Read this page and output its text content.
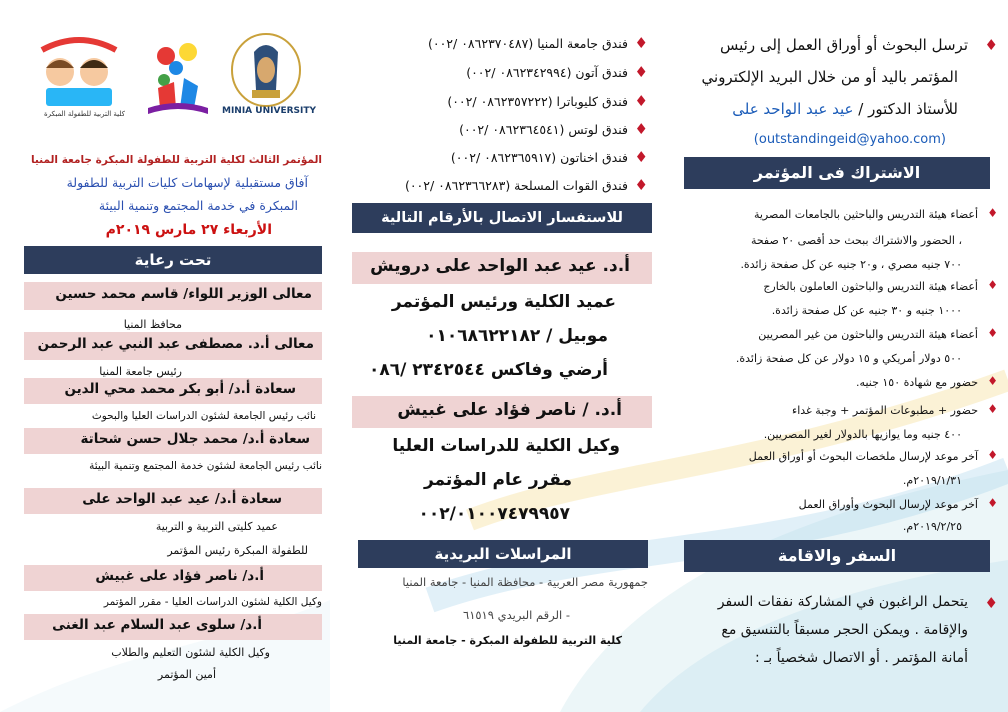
MINIA UNIVERSITY
كلية التربية للطفولة المبكرة
المؤتمر الثالث لكلية التربية للطفولة المبكرة جامعة المنيا
آفاق مستقبلية لإسهامات كليات التربية للطفولة
المبكرة في خدمة المجتمع وتنمية البيئة
الأربعاء ٢٧ مارس ٢٠١٩م
تحت رعاية
معالى الوزير اللواء/ قاسم محمد حسين
محافظ المنيا
معالى أ.د. مصطفى عبد النبي عبد الرحمن
رئيس جامعة المنيا
سعادة أ.د/ أبو بكر محمد محي الدين
نائب رئيس الجامعة لشئون الدراسات العليا والبحوث
سعادة أ.د/ محمد جلال حسن شحاتة
نائب رئيس الجامعة لشئون خدمة المجتمع وتنمية البيئة
سعادة أ.د/ عيد عبد الواحد على
عميد كليتى التربية و التربية
للطفولة المبكرة رئيس المؤتمر
أ.د/ ناصر فؤاد على غبيش
وكيل الكلية لشئون الدراسات العليا - مقرر المؤتمر
أ.د/ سلوى عبد السلام عبد الغنى
وكيل الكلية لشئون التعليم والطلاب
أمين المؤتمر
♦
فندق جامعة المنيا (٠٨٦٢٣٧٠٤٨٧ /٠٠٢)
♦
فندق آتون (٠٨٦٢٣٤٢٩٩٤ /٠٠٢)
♦
فندق كليوباترا (٠٨٦٢٣٥٧٢٢٢ /٠٠٢)
♦
فندق لوتس (٠٨٦٢٣٦٤٥٤١ /٠٠٢)
♦
فندق اخناتون (٠٨٦٢٣٦٥٩١٧ /٠٠٢)
♦
فندق القوات المسلحة (٠٨٦٢٣٦٦٢٨٣ /٠٠٢)
للاستفسار الاتصال بالأرقام التالية
أ.د. عيد عبد الواحد على درويش
عميد الكلية ورئيس المؤتمر
موبيل / ٠١٠٦٨٦٢٢١٨٢
أرضي وفاكس ٢٣٤٢٥٤٤ /٠٨٦
أ.د. / ناصر فؤاد على غبيش
وكيل الكلية للدراسات العليا
مقرر عام المؤتمر
٠٠٢/٠١٠٠٧٤٧٩٩٥٧
المراسلات البريدية
جمهورية مصر العربية - محافظة المنيا - جامعة المنيا
- الرقم البريدي ٦١٥١٩
كلية التربية للطفولة المبكرة - جامعة المنيا
♦
ترسل البحوث أو أوراق العمل إلى رئيس
المؤتمر باليد أو من خلال البريد الإلكتروني
للأستاذ الدكتور / عيد عبد الواحد على
(outstandingeid@yahoo.com)
الاشتراك فى المؤتمر
♦
أعضاء هيئة التدريس والباحثين بالجامعات المصرية
، الحضور والاشتراك ببحث حد أقصى ٢٠ صفحة
٧٠٠ جنيه مصري ، و٢٠ جنيه عن كل صفحة زائدة.
♦
أعضاء هيئة التدريس والباحثون العاملون بالخارج
١٠٠٠ جنيه و ٣٠ جنيه عن كل صفحة زائدة.
♦
أعضاء هيئة التدريس والباحثون من غير المصريين
٥٠٠ دولار أمريكي و ١٥ دولار عن كل صفحة زائدة.
♦
حضور مع شهادة ١٥٠ جنيه.
♦
حضور + مطبوعات المؤتمر + وجبة غداء
٤٠٠ جنيه وما يوازيها بالدولار لغير المصريين.
♦
آخر موعد لإرسال ملخصات البحوث أو أوراق العمل
٢٠١٩/١/٣١م.
♦
آخر موعد لإرسال البحوث وأوراق العمل
٢٠١٩/٢/٢٥م.
السفر والاقامة
♦
يتحمل الراغبون في المشاركة نفقات السفر
والإقامة . ويمكن الحجر مسبقاً بالتنسيق مع
أمانة المؤتمر . أو الاتصال شخصياً بـ :
